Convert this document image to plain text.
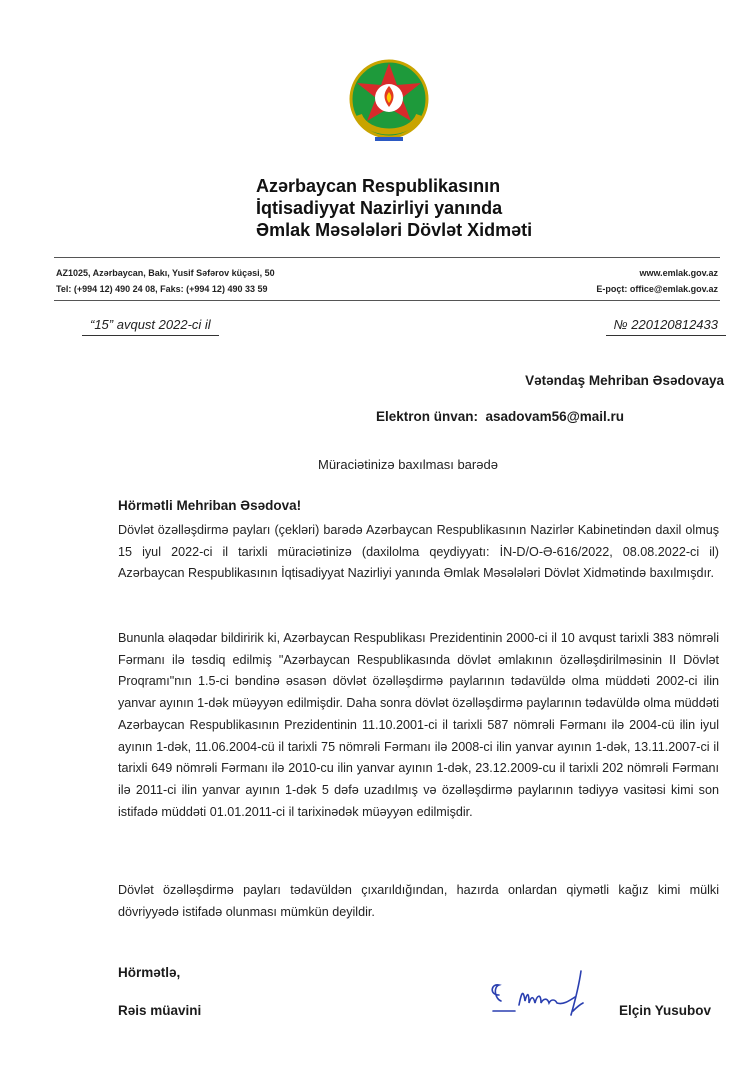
Azərbaycan Respublikasının
İqtisadiyyat Nazirliyi yanında
Əmlak Məsələləri Dövlət Xidməti
AZ1025, Azərbaycan, Bakı, Yusif Səfərov küçəsi, 50
Tel: (+994 12) 490 24 08, Faks: (+994 12) 490 33 59
www.emlak.gov.az
E-poçt: office@emlak.gov.az
“15” avqust 2022-ci il	№ 220120812433
Vətəndaş Mehriban Əsədovaya
Elektron ünvan: asadovam56@mail.ru
Müraciətinizə baxılması barədə
Hörmətli Mehriban Əsədova!
Dövlət özəlləşdirmə payları (çekləri) barədə Azərbaycan Respublikasının Nazirlər Kabinetindən daxil olmuş 15 iyul 2022-ci il tarixli müraciətinizə (daxilolma qeydiyyatı: İN-D/O-Ə-616/2022, 08.08.2022-ci il) Azərbaycan Respublikasının İqtisadiyyat Nazirliyi yanında Əmlak Məsələləri Dövlət Xidmətində baxılmışdır.
Bununla əlaqədar bildiririk ki, Azərbaycan Respublikası Prezidentinin 2000-ci il 10 avqust tarixli 383 nömrəli Fərmanı ilə təsdiq edilmiş "Azərbaycan Respublikasında dövlət əmlakının özəlləşdirilməsinin II Dövlət Proqramı"nın 1.5-ci bəndinə əsasən dövlət özəlləşdirmə paylarının tədavüldə olma müddəti 2002-ci ilin yanvar ayının 1-dək müəyyən edilmişdir. Daha sonra dövlət özəlləşdirmə paylarının tədavüldə olma müddəti Azərbaycan Respublikasının Prezidentinin 11.10.2001-ci il tarixli 587 nömrəli Fərmanı ilə 2004-cü ilin iyul ayının 1-dək, 11.06.2004-cü il tarixli 75 nömrəli Fərmanı ilə 2008-ci ilin yanvar ayının 1-dək, 13.11.2007-ci il tarixli 649 nömrəli Fərmanı ilə 2010-cu ilin yanvar ayının 1-dək, 23.12.2009-cu il tarixli 202 nömrəli Fərmanı ilə 2011-ci ilin yanvar ayının 1-dək 5 dəfə uzadılmış və özəlləşdirmə paylarının tədiyyə vasitəsi kimi son istifadə müddəti 01.01.2011-ci il tarixinədək müəyyən edilmişdir.
Dövlət özəlləşdirmə payları tədavüldən çıxarıldığından, hazırda onlardan qiymətli kağız kimi mülki dövriyyədə istifadə olunması mümkün deyildir.
Hörmətlə,
Rəis müavini	Elçin Yusubov
